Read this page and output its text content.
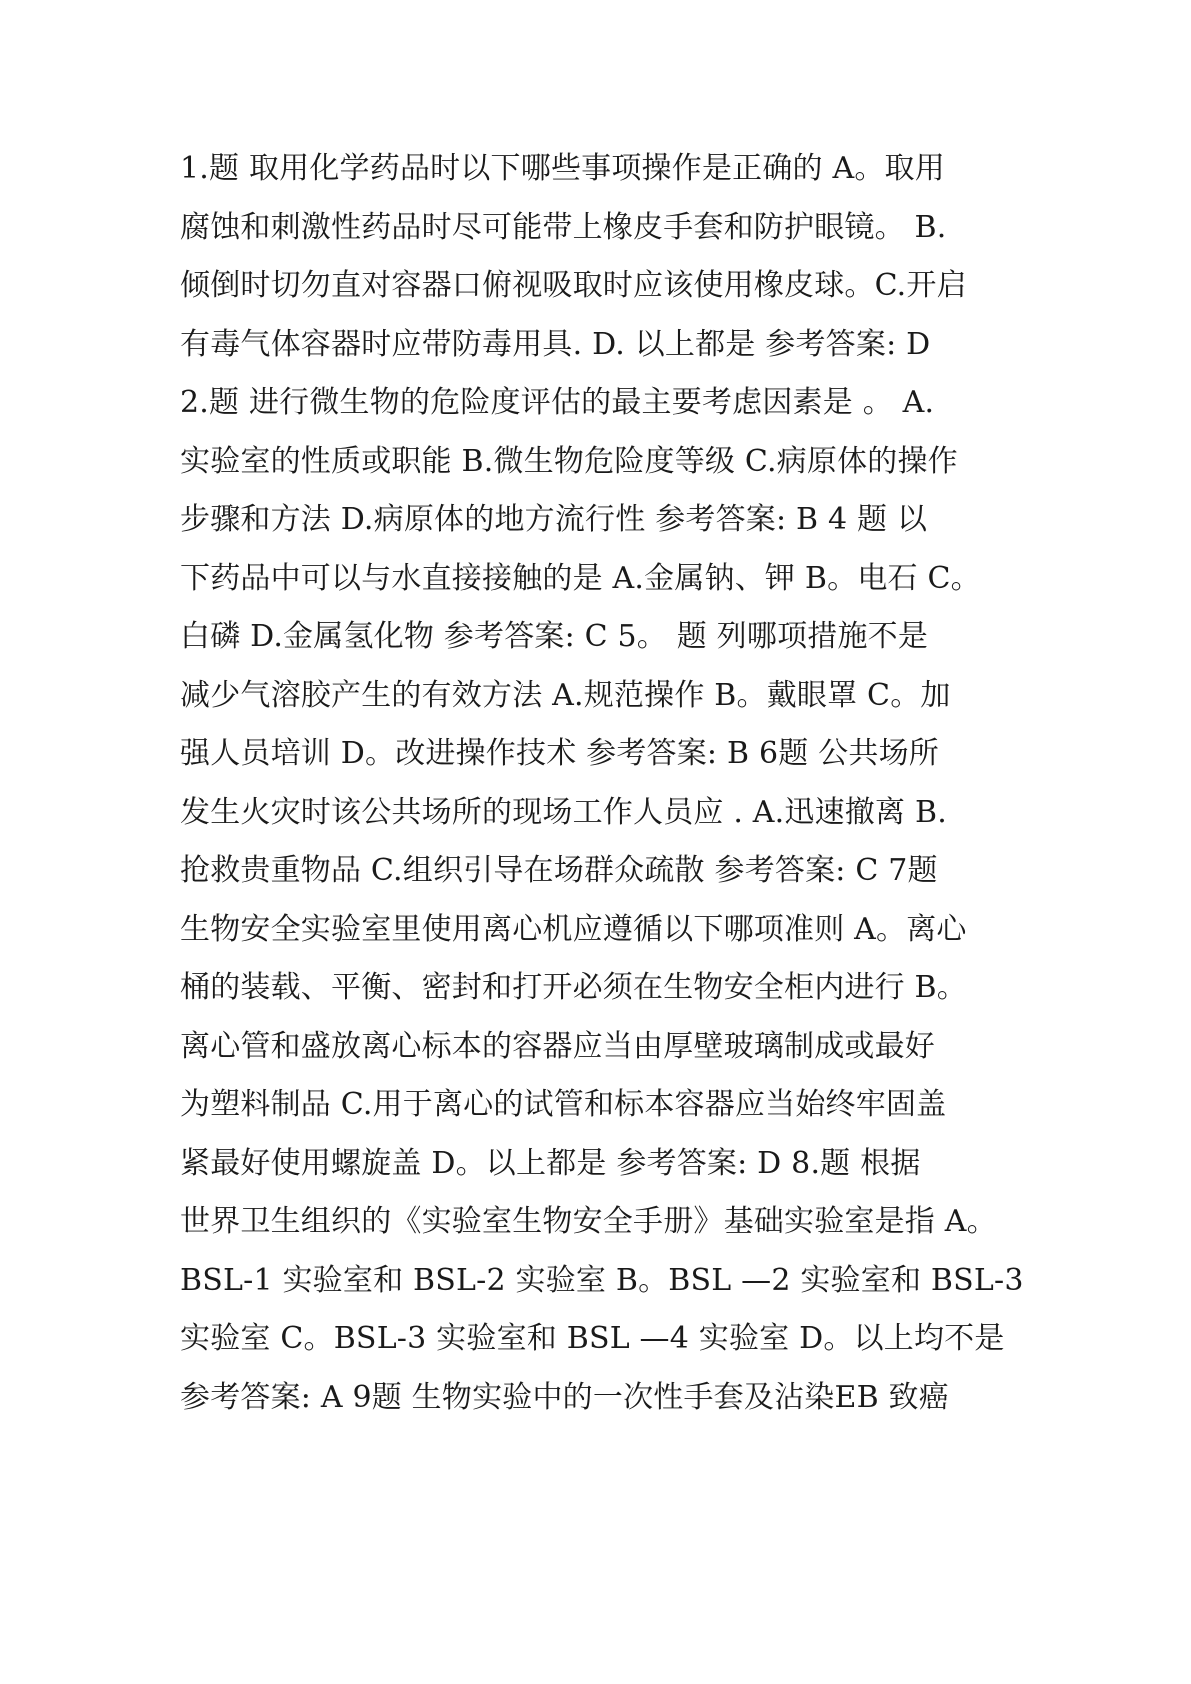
1.题 取用化学药品时以下哪些事项操作是正确的 A。取用
腐蚀和刺激性药品时尽可能带上橡皮手套和防护眼镜。 B.
倾倒时切勿直对容器口俯视吸取时应该使用橡皮球。C.开启
有毒气体容器时应带防毒用具. D. 以上都是 参考答案: D
2.题 进行微生物的危险度评估的最主要考虑因素是 。 A.
实验室的性质或职能 B.微生物危险度等级 C.病原体的操作
步骤和方法 D.病原体的地方流行性 参考答案: B 4 题 以
下药品中可以与水直接接触的是 A.金属钠、钾 B。电石 C。
白磷 D.金属氢化物 参考答案: C 5。 题 列哪项措施不是
减少气溶胶产生的有效方法 A.规范操作 B。戴眼罩 C。加
强人员培训 D。改进操作技术 参考答案: B 6题 公共场所
发生火灾时该公共场所的现场工作人员应 . A.迅速撤离 B.
抢救贵重物品 C.组织引导在场群众疏散 参考答案: C 7题
生物安全实验室里使用离心机应遵循以下哪项准则 A。离心
桶的装载、平衡、密封和打开必须在生物安全柜内进行 B。
离心管和盛放离心标本的容器应当由厚壁玻璃制成或最好
为塑料制品 C.用于离心的试管和标本容器应当始终牢固盖
紧最好使用螺旋盖 D。以上都是 参考答案: D 8.题 根据
世界卫生组织的《实验室生物安全手册》基础实验室是指 A。
BSL-1 实验室和 BSL-2 实验室 B。BSL —2 实验室和 BSL-3
实验室 C。BSL-3 实验室和 BSL —4 实验室 D。以上均不是
参考答案: A 9题 生物实验中的一次性手套及沾染EB 致癌
